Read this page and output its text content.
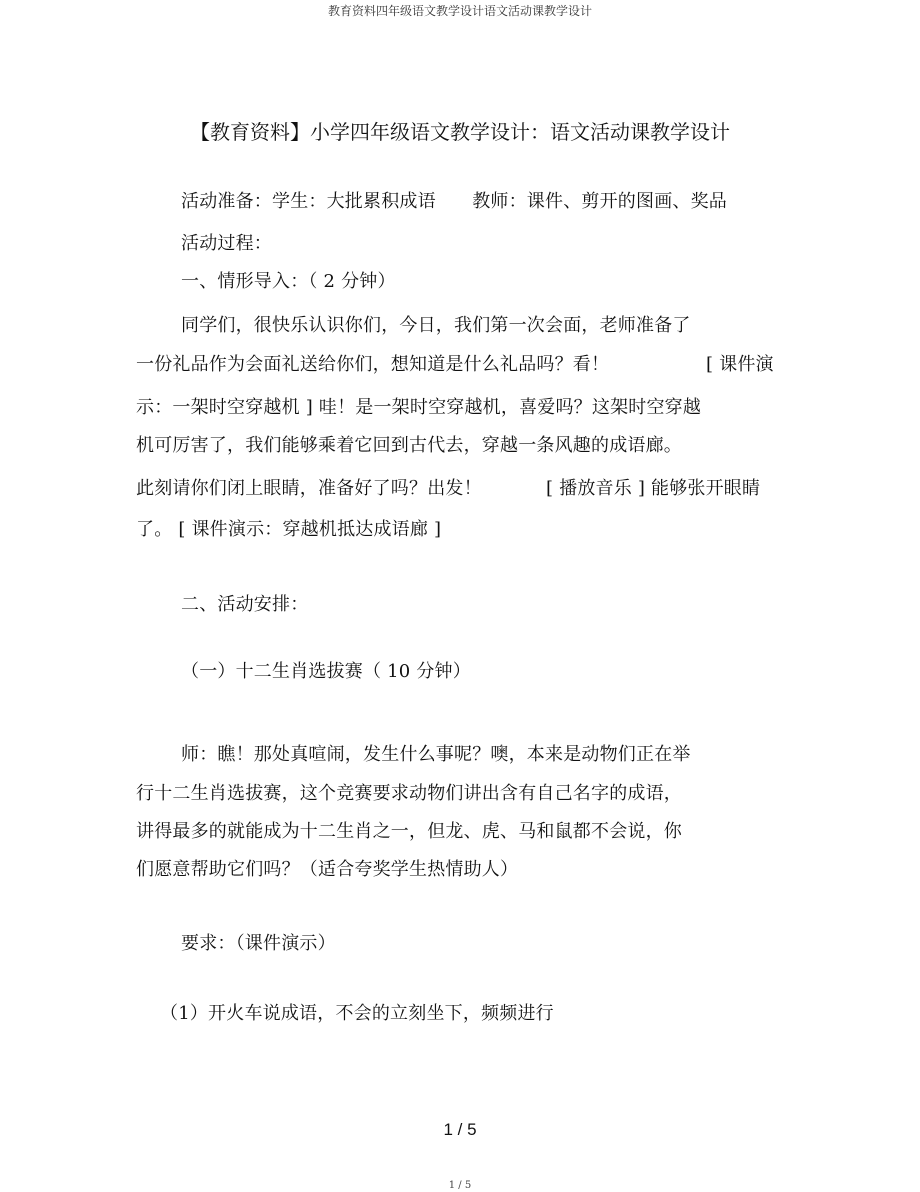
教育资料四年级语文教学设计语文活动课教学设计
【教育资料】小学四年级语文教学设计：语文活动课教学设计
活动准备：学生：大批累积成语　　教师：课件、剪开的图画、奖品
活动过程：
一、情形导入：（ 2 分钟）
同学们，很快乐认识你们，今日，我们第一次会面，老师准备了
一份礼品作为会面礼送给你们，想知道是什么礼品吗？看！	[ 课件演
示：一架时空穿越机 ] 哇！是一架时空穿越机，喜爱吗？这架时空穿越
机可厉害了，我们能够乘着它回到古代去，穿越一条风趣的成语廊。
此刻请你们闭上眼睛，准备好了吗？出发！	[ 播放音乐 ] 能够张开眼睛
了。 [ 课件演示：穿越机抵达成语廊 ]
二、活动安排：
（一）十二生肖选拔赛（ 10 分钟）
师：瞧！那处真喧闹，发生什么事呢？噢，本来是动物们正在举
行十二生肖选拔赛，这个竞赛要求动物们讲出含有自己名字的成语，
讲得最多的就能成为十二生肖之一，但龙、虎、马和鼠都不会说，你
们愿意帮助它们吗？（适合夸奖学生热情助人）
要求：（课件演示）
（1）开火车说成语，不会的立刻坐下，频频进行
1 / 5
1 / 5
